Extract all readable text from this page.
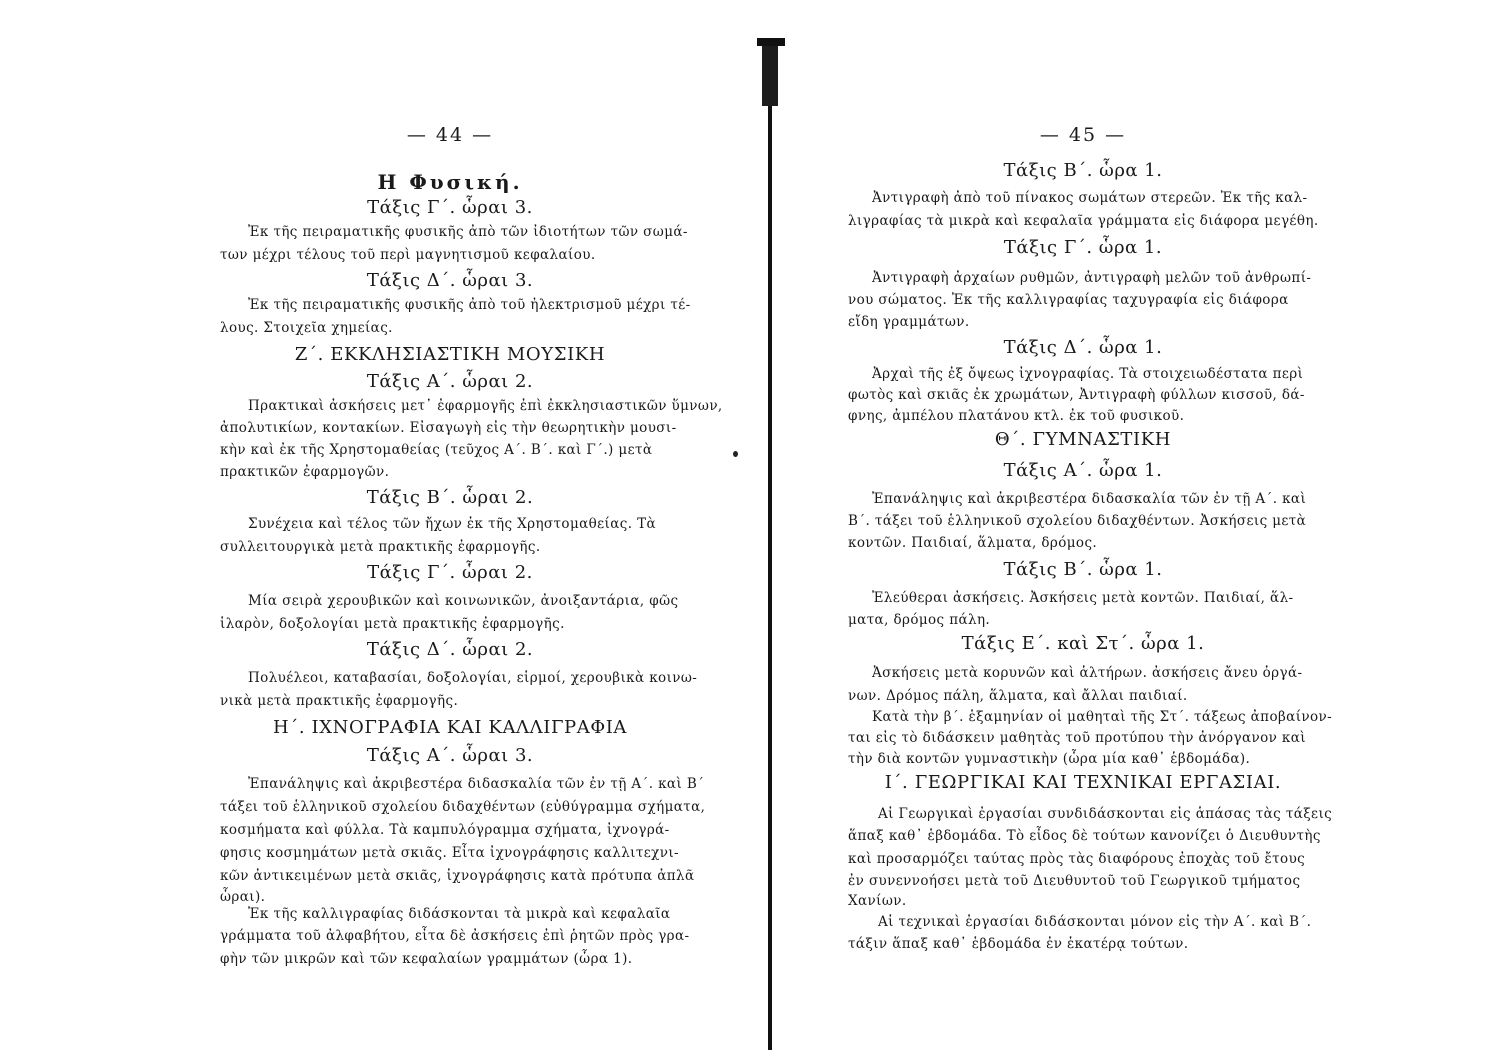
— 44 —
Η Φυσική.
Τάξις Γ΄. ὧραι 3.
Ἐκ τῆς πειραματικῆς φυσικῆς ἀπὸ τῶν ἰδιοτήτων τῶν σωμά-
των μέχρι τέλους τοῦ περὶ μαγνητισμοῦ κεφαλαίου.
Τάξις Δ΄. ὧραι 3.
Ἐκ τῆς πειραματικῆς φυσικῆς ἀπὸ τοῦ ἠλεκτρισμοῦ μέχρι τέ-
λους. Στοιχεῖα χημείας.
Ζ΄. ΕΚΚΛΗΣΙΑΣΤΙΚΗ ΜΟΥΣΙΚΗ
Τάξις Α΄. ὧραι 2.
Πρακτικαὶ ἀσκήσεις μετ᾽ ἐφαρμογῆς ἐπὶ ἐκκλησιαστικῶν ὕμνων,
ἀπολυτικίων, κοντακίων. Εἰσαγωγὴ εἰς τὴν θεωρητικὴν μουσι-
κὴν καὶ ἐκ τῆς Χρηστομαθείας (τεῦχος Α΄. Β΄. καὶ Γ΄.) μετὰ
πρακτικῶν ἐφαρμογῶν.
Τάξις Β΄. ὧραι 2.
Συνέχεια καὶ τέλος τῶν ἤχων ἐκ τῆς Χρηστομαθείας. Τὰ
συλλειτουργικὰ μετὰ πρακτικῆς ἐφαρμογῆς.
Τάξις Γ΄. ὧραι 2.
Μία σειρὰ χερουβικῶν καὶ κοινωνικῶν, ἀνοιξαντάρια, φῶς
ἱλαρὸν, δοξολογίαι μετὰ πρακτικῆς ἐφαρμογῆς.
Τάξις Δ΄. ὧραι 2.
Πολυέλεοι, καταβασίαι, δοξολογίαι, εἱρμοί, χερουβικὰ κοινω-
νικὰ μετὰ πρακτικῆς ἐφαρμογῆς.
Η΄. ΙΧΝΟΓΡΑΦΙΑ ΚΑΙ ΚΑΛΛΙΓΡΑΦΙΑ
Τάξις Α΄. ὧραι 3.
Ἐπανάληψις καὶ ἀκριβεστέρα διδασκαλία τῶν ἐν τῇ Α΄. καὶ Β΄
τάξει τοῦ ἑλληνικοῦ σχολείου διδαχθέντων (εὐθύγραμμα σχήματα,
κοσμήματα καὶ φύλλα. Τὰ καμπυλόγραμμα σχήματα, ἰχνογρά-
φησις κοσμημάτων μετὰ σκιᾶς. Εἶτα ἰχνογράφησις καλλιτεχνι-
κῶν ἀντικειμένων μετὰ σκιᾶς, ἰχνογράφησις κατὰ πρότυπα ἁπλᾶ
ὧραι).
Ἐκ τῆς καλλιγραφίας διδάσκονται τὰ μικρὰ καὶ κεφαλαῖα
γράμματα τοῦ ἀλφαβήτου, εἶτα δὲ ἀσκήσεις ἐπὶ ῥητῶν πρὸς γρα-
φὴν τῶν μικρῶν καὶ τῶν κεφαλαίων γραμμάτων (ὧρα 1).
— 45 —
Τάξις Β΄. ὧρα 1.
Ἀντιγραφὴ ἀπὸ τοῦ πίνακος σωμάτων στερεῶν. Ἐκ τῆς καλ-
λιγραφίας τὰ μικρὰ καὶ κεφαλαῖα γράμματα εἰς διάφορα μεγέθη.
Τάξις Γ΄. ὧρα 1.
Ἀντιγραφὴ ἀρχαίων ρυθμῶν, ἀντιγραφὴ μελῶν τοῦ ἀνθρωπί-
νου σώματος. Ἐκ τῆς καλλιγραφίας ταχυγραφία εἰς διάφορα
εἴδη γραμμάτων.
Τάξις Δ΄. ὧρα 1.
Ἀρχαὶ τῆς ἐξ ὄψεως ἰχνογραφίας. Τὰ στοιχειωδέστατα περὶ
φωτὸς καὶ σκιᾶς ἐκ χρωμάτων, Ἀντιγραφὴ φύλλων κισσοῦ, δά-
φνης, ἀμπέλου πλατάνου κτλ. ἐκ τοῦ φυσικοῦ.
Θ΄. ΓΥΜΝΑΣΤΙΚΗ
Τάξις Α΄. ὧρα 1.
Ἐπανάληψις καὶ ἀκριβεστέρα διδασκαλία τῶν ἐν τῇ Α΄. καὶ
Β΄. τάξει τοῦ ἑλληνικοῦ σχολείου διδαχθέντων. Ἀσκήσεις μετὰ
κοντῶν. Παιδιαί, ἅλματα, δρόμος.
Τάξις Β΄. ὧρα 1.
Ἐλεύθεραι ἀσκήσεις. Ἀσκήσεις μετὰ κοντῶν. Παιδιαί, ἅλ-
ματα, δρόμος πάλη.
Τάξις Ε΄. καὶ Στ΄. ὧρα 1.
Ἀσκήσεις μετὰ κορυνῶν καὶ ἁλτήρων. ἀσκήσεις ἄνευ ὀργά-
νων. Δρόμος πάλη, ἅλματα, καὶ ἄλλαι παιδιαί.
Κατὰ τὴν β΄. ἑξαμηνίαν οἱ μαθηταὶ τῆς Στ΄. τάξεως ἀποβαίνον-
ται εἰς τὸ διδάσκειν μαθητὰς τοῦ προτύπου τὴν ἀνόργανον καὶ
τὴν διὰ κοντῶν γυμναστικὴν (ὧρα μία καθ᾽ ἑβδομάδα).
Ι΄. ΓΕΩΡΓΙΚΑΙ ΚΑΙ ΤΕΧΝΙΚΑΙ ΕΡΓΑΣΙΑΙ.
Αἱ Γεωργικαὶ ἐργασίαι συνδιδάσκονται εἰς ἁπάσας τὰς τάξεις
ἅπαξ καθ᾽ ἑβδομάδα. Τὸ εἶδος δὲ τούτων κανονίζει ὁ Διευθυντὴς
καὶ προσαρμόζει ταύτας πρὸς τὰς διαφόρους ἐποχὰς τοῦ ἔτους
ἐν συνεννοήσει μετὰ τοῦ Διευθυντοῦ τοῦ Γεωργικοῦ τμήματος
Χανίων.
Αἱ τεχνικαὶ ἐργασίαι διδάσκονται μόνον εἰς τὴν Α΄. καὶ Β΄.
τάξιν ἅπαξ καθ᾽ ἑβδομάδα ἐν ἑκατέρᾳ τούτων.
